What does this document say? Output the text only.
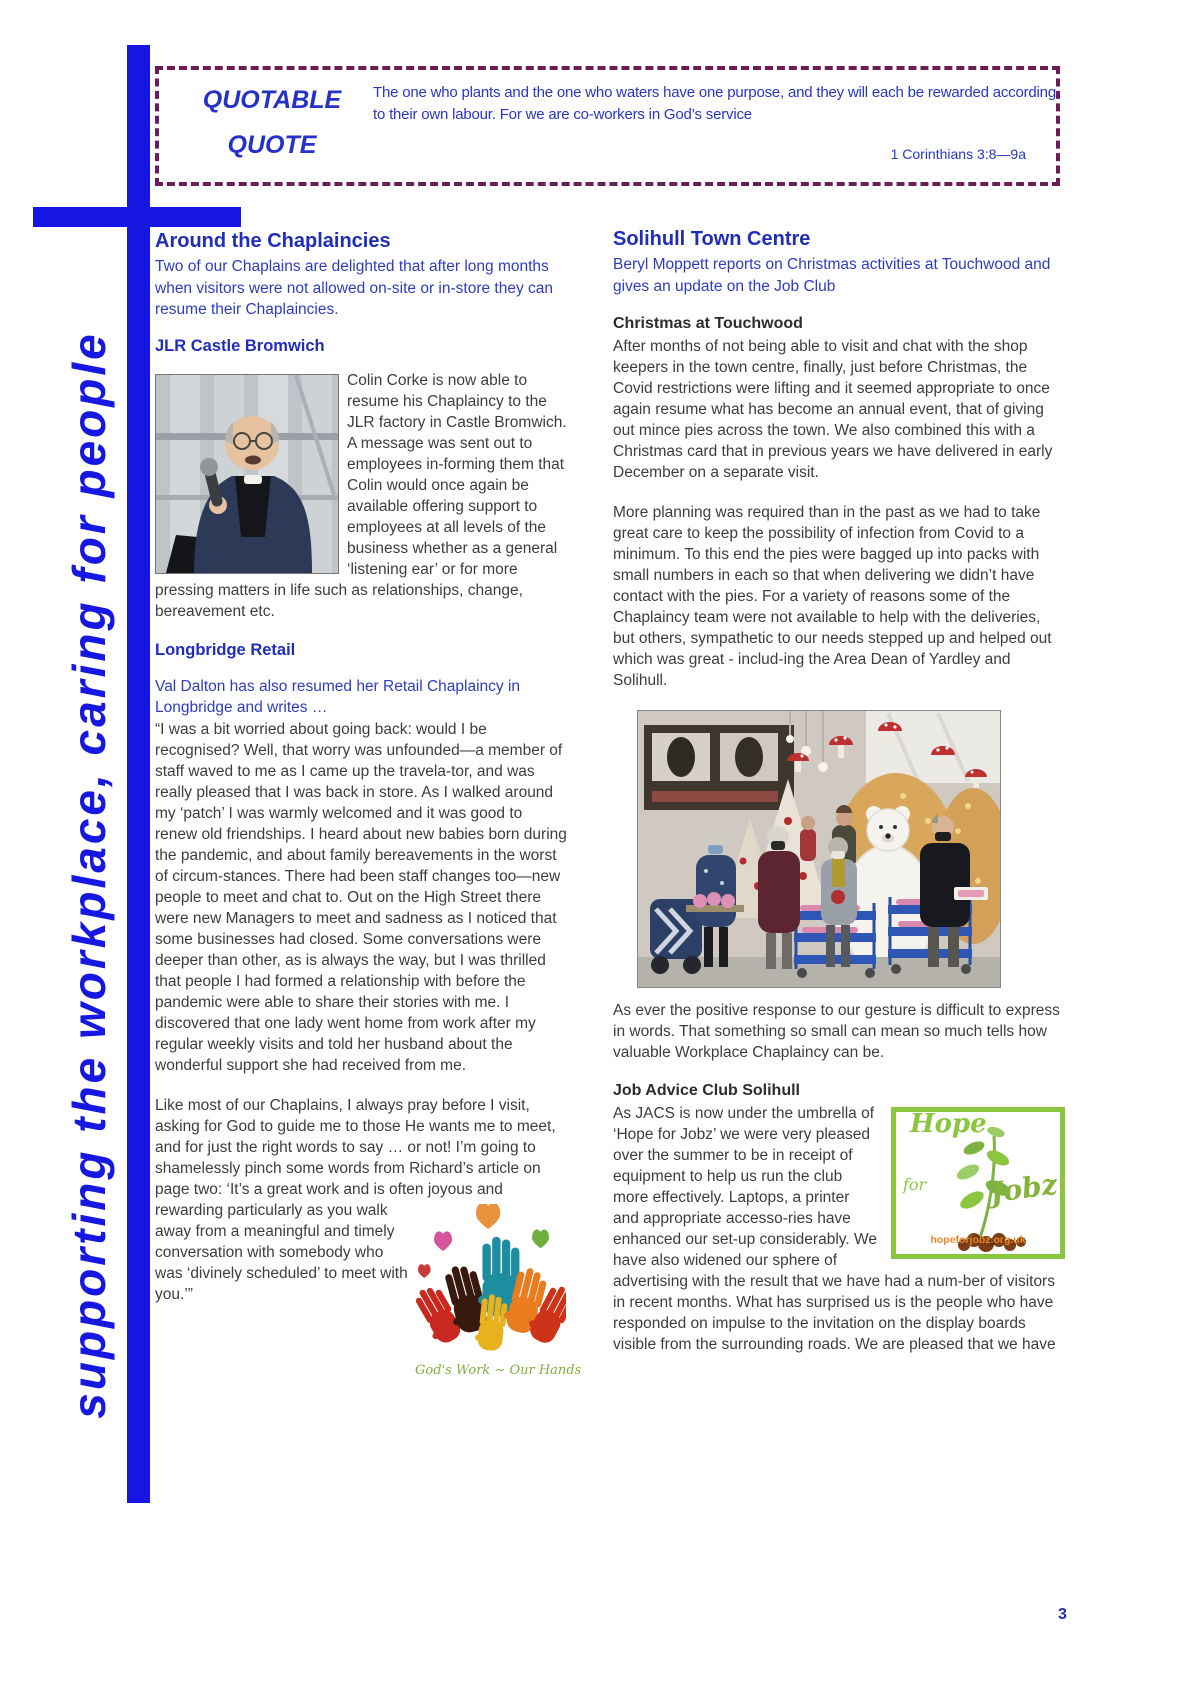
supporting the workplace, caring for people
QUOTABLE
QUOTE
The one who plants and the one who waters have one purpose, and they will each be rewarded according to their own labour. For we are co-workers in God’s service
1 Corinthians 3:8—9a
Around the Chaplaincies

Two of our Chaplains are delighted that after long months when visitors were not allowed on-site or in-store they can resume their Chaplaincies.

JLR Castle Bromwich

Colin Corke is now able to resume his Chaplaincy to the JLR factory in Castle Bromwich. A message was sent out to employees in-forming them that Colin would once again be available offering support to employees at all levels of the business whether as a general ‘listening ear’ or for more pressing matters in life such as relationships, change, bereavement etc.

Longbridge Retail

Val Dalton has also resumed her Retail Chaplaincy in Longbridge and writes …

“I was a bit worried about going back: would I be recognised? Well, that worry was unfounded—a member of staff waved to me as I came up the travela-tor, and was really pleased that I was back in store. As I walked around my ‘patch’ I was warmly welcomed and it was good to renew old friendships. I heard about new babies born during the pandemic, and about family bereavements in the worst of circum-stances. There had been staff changes too—new people to meet and chat to. Out on the High Street there were new Managers to meet and sadness as I noticed that some businesses had closed. Some conversations were deeper than other, as is always the way, but I was thrilled that people I had formed a relationship with before the pandemic were able to share their stories with me. I discovered that one lady went home from work after my regular weekly visits and told her husband about the wonderful support she had received from me.

Like most of our Chaplains, I always pray before I visit, asking for God to guide me to those He wants me to meet, and for just the right words to say … or not! I’m going to shamelessly pinch some words from Richard’s article on page two: ‘It’s a great work and is often
God's Work ~ Our Hands
joyous and rewarding particularly as you walk away from a meaningful and timely conversation with somebody who was ‘divinely scheduled’ to meet with you.’”

Solihull Town Centre

Beryl Moppett reports on Christmas activities at Touchwood and gives an update on the Job Club

Christmas at Touchwood

After months of not being able to visit and chat with the shop keepers in the town centre, finally, just before Christmas, the Covid restrictions were lifting and it seemed appropriate to once again resume what has become an annual event, that of giving out mince pies across the town. We also combined this with a Christmas card that in previous years we have delivered in early December on a separate visit.

More planning was required than in the past as we had to take great care to keep the possibility of infection from Covid to a minimum. To this end the pies were bagged up into packs with small numbers in each so that when delivering we didn’t have contact with the pies. For a variety of reasons some of the Chaplaincy team were not available to help with the deliveries, but others, sympathetic to our needs stepped up and helped out which was great - includ-ing the Area Dean of Yardley and Solihull.

As ever the positive response to our gesture is difficult to express in words. That something so small can mean so much tells how valuable Workplace Chaplaincy can be.

Job Advice Club Solihull

Hope
for Jobz
hopeforjobz.org.uk
As JACS is now under the umbrella of ‘Hope for Jobz’ we were very pleased over the summer to be in receipt of equipment to help us run the club more effectively. Laptops, a printer and appropriate accesso-ries have enhanced our set-up considerably. We have also widened our sphere of advertising with the result that we have had a num-ber of visitors in recent months. What has surprised us is the people who have responded on impulse to the invitation on the display boards visible from the surrounding roads. We are pleased that we have

3
